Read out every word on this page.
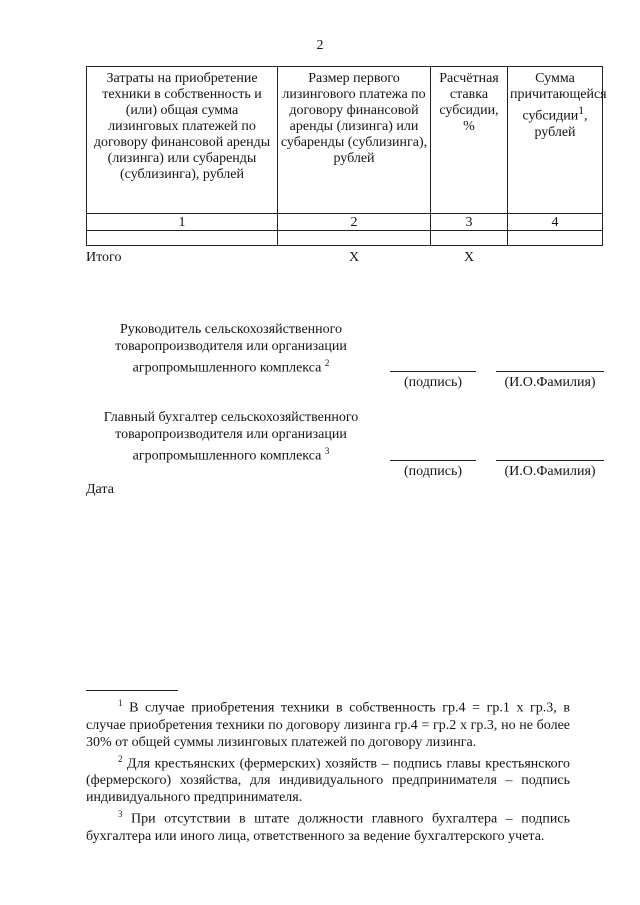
2
Затраты на приобретение техники в собственность и (или) общая сумма лизинговых платежей по договору финансовой аренды (лизинга) или субаренды (сублизинга), рублей	Размер первого лизингового платежа по договору финансовой аренды (лизинга) или субаренды (сублизинга), рублей	Расчётная ставка субсидии, %	Сумма причитающейся субсидии$^1$, рублей
1	2	3	4

Итого	Х	Х
Руководитель сельскохозяйственного товаропроизводителя или организации агропромышленного комплекса $^2$
(подпись)	(И.О.Фамилия)
Главный бухгалтер сельскохозяйственного товаропроизводителя или организации агропромышленного комплекса $^3$
(подпись)	(И.О.Фамилия)
Дата

$^1$ В случае приобретения техники в собственность гр.4 = гр.1 х гр.3, в случае приобретения техники по договору лизинга гр.4 = гр.2 х гр.3, но не более 30% от общей суммы лизинговых платежей по договору лизинга.

$^2$ Для крестьянских (фермерских) хозяйств – подпись главы крестьянского (фермерского) хозяйства, для индивидуального предпринимателя – подпись индивидуального предпринимателя.

$^3$ При отсутствии в штате должности главного бухгалтера – подпись бухгалтера или иного лица, ответственного за ведение бухгалтерского учета.
